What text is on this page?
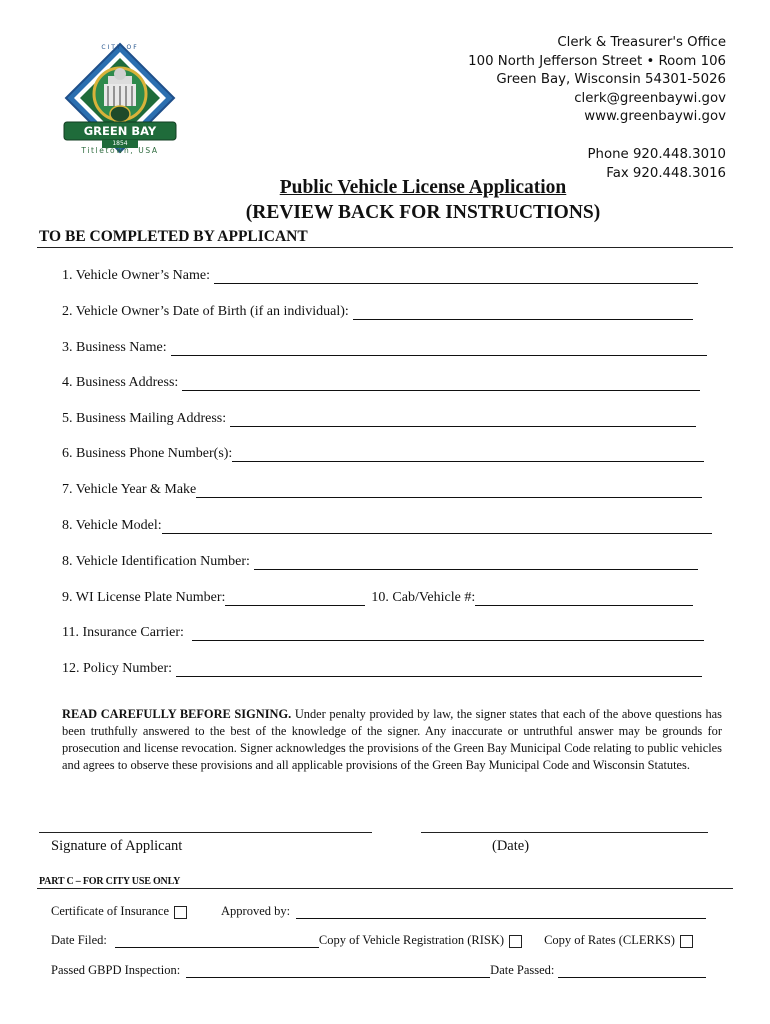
CITY OF
GREEN BAY
1854
Titletown, USA
Clerk & Treasurer's Office
100 North Jefferson Street • Room 106
Green Bay, Wisconsin 54301-5026
clerk@greenbaywi.gov
www.greenbaywi.gov
Phone 920.448.3010
Fax 920.448.3016
Public Vehicle License Application
(REVIEW BACK FOR INSTRUCTIONS)
TO BE COMPLETED BY APPLICANT
1. Vehicle Owner’s Name:
2. Vehicle Owner’s Date of Birth (if an individual):
3. Business Name:
4. Business Address:
5. Business Mailing Address:
6. Business Phone Number(s):
7. Vehicle Year & Make
8. Vehicle Model:
8. Vehicle Identification Number:
9. WI License Plate Number:	10. Cab/Vehicle #:
11. Insurance Carrier:
12. Policy Number:
READ CAREFULLY BEFORE SIGNING. Under penalty provided by law, the signer states that each of the above questions has been truthfully answered to the best of the knowledge of the signer. Any inaccurate or untruthful answer may be grounds for prosecution and license revocation. Signer acknowledges the provisions of the Green Bay Municipal Code relating to public vehicles and agrees to observe these provisions and all applicable provisions of the Green Bay Municipal Code and Wisconsin Statutes.
Signature of Applicant	(Date)
PART C – FOR CITY USE ONLY
Certificate of Insurance	Approved by:
Date Filed:	Copy of Vehicle Registration (RISK)	Copy of Rates (CLERKS)
Passed GBPD Inspection:	Date Passed:
